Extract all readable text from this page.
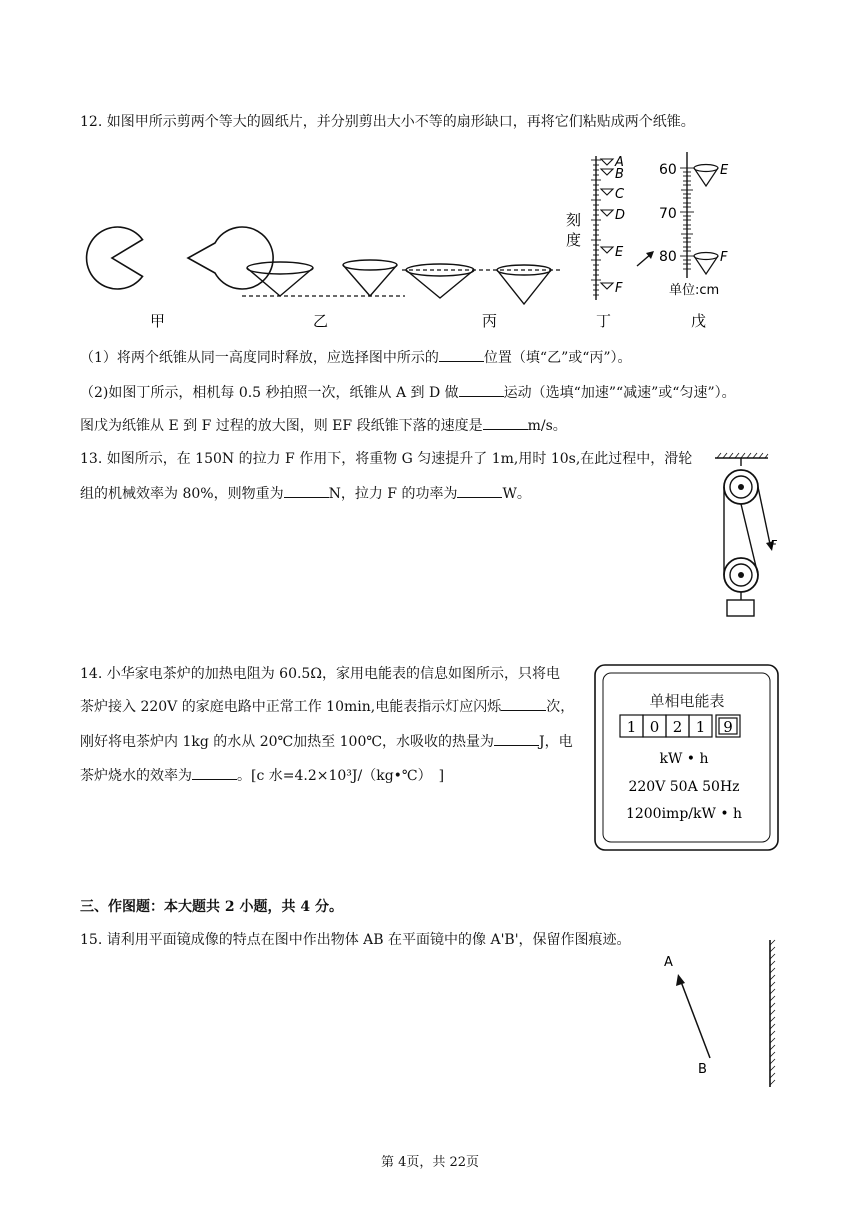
12. 如图甲所示剪两个等大的圆纸片，并分别剪出大小不等的扇形缺口，再将它们粘贴成两个纸锥。
刻
度
A
B
C
D
E
F
60
70
80
E
F
单位:cm
甲	乙	丙	丁	戊
（1）将两个纸锥从同一高度同时释放，应选择图中所示的	位置（填“乙”或“丙”）。
（2)如图丁所示，相机每 0.5 秒拍照一次，纸锥从 A 到 D 做	运动（选填“加速”“减速”或“匀速”）。
图戊为纸锥从 E 到 F 过程的放大图，则 EF 段纸锥下落的速度是	m/s。
13. 如图所示，在 150N 的拉力 F 作用下，将重物 G 匀速提升了 1m,用时 10s,在此过程中，滑轮
组的机械效率为 80%，则物重为	N，拉力 F 的功率为	W。
F
14. 小华家电茶炉的加热电阻为 60.5Ω，家用电能表的信息如图所示，只将电
茶炉接入 220V 的家庭电路中正常工作 10min,电能表指示灯应闪烁	次，
刚好将电茶炉内 1kg 的水从 20℃加热至 100℃，水吸收的热量为	J，电
茶炉烧水的效率为	。[c 水=4.2×10³J/（kg•℃）　]
单相电能表
1 0 2 1 9
kW • h
220V 50A 50Hz
1200imp/kW • h
三、作图题：本大题共 2 小题，共 4 分。
15. 请利用平面镜成像的特点在图中作出物体 AB 在平面镜中的像 A'B'，保留作图痕迹。
A
B
第 4页，共 22页
